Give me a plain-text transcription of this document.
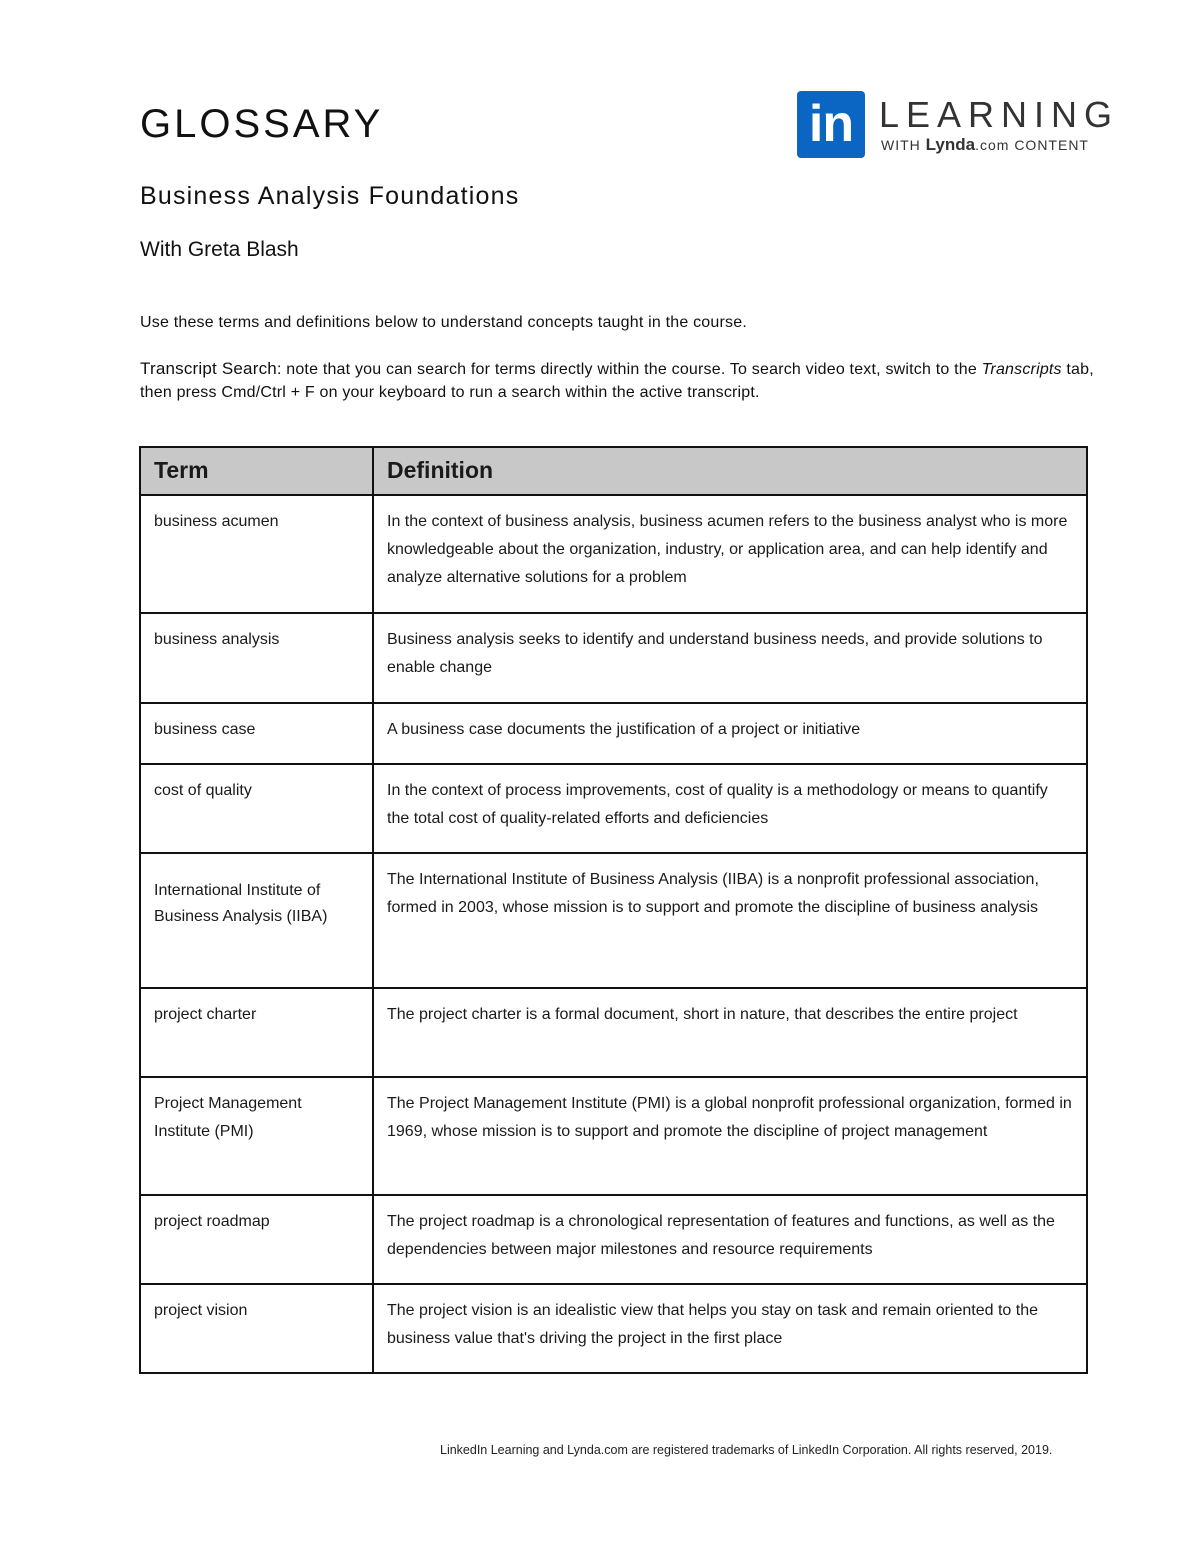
GLOSSARY	in LEARNING
WITH Lynda.com CONTENT
Business Analysis Foundations
With Greta Blash

Use these terms and definitions below to understand concepts taught in the course.

Transcript Search: note that you can search for terms directly within the course. To search video text, switch to the Transcripts tab, then press Cmd/Ctrl + F on your keyboard to run a search within the active transcript.

Term	Definition
business acumen	In the context of business analysis, business acumen refers to the business analyst who is more knowledgeable about the organization, industry, or application area, and can help identify and analyze alternative solutions for a problem
business analysis	Business analysis seeks to identify and understand business needs, and provide solutions to enable change
business case	A business case documents the justification of a project or initiative
cost of quality	In the context of process improvements, cost of quality is a methodology or means to quantify the total cost of quality-related efforts and deficiencies
International Institute of Business Analysis (IIBA)	The International Institute of Business Analysis (IIBA) is a nonprofit professional association, formed in 2003, whose mission is to support and promote the discipline of business analysis
project charter	The project charter is a formal document, short in nature, that describes the entire project
Project Management Institute (PMI)	The Project Management Institute (PMI) is a global nonprofit professional organization, formed in 1969, whose mission is to support and promote the discipline of project management
project roadmap	The project roadmap is a chronological representation of features and functions, as well as the dependencies between major milestones and resource requirements
project vision	The project vision is an idealistic view that helps you stay on task and remain oriented to the business value that's driving the project in the first place

LinkedIn Learning and Lynda.com are registered trademarks of LinkedIn Corporation. All rights reserved, 2019.
